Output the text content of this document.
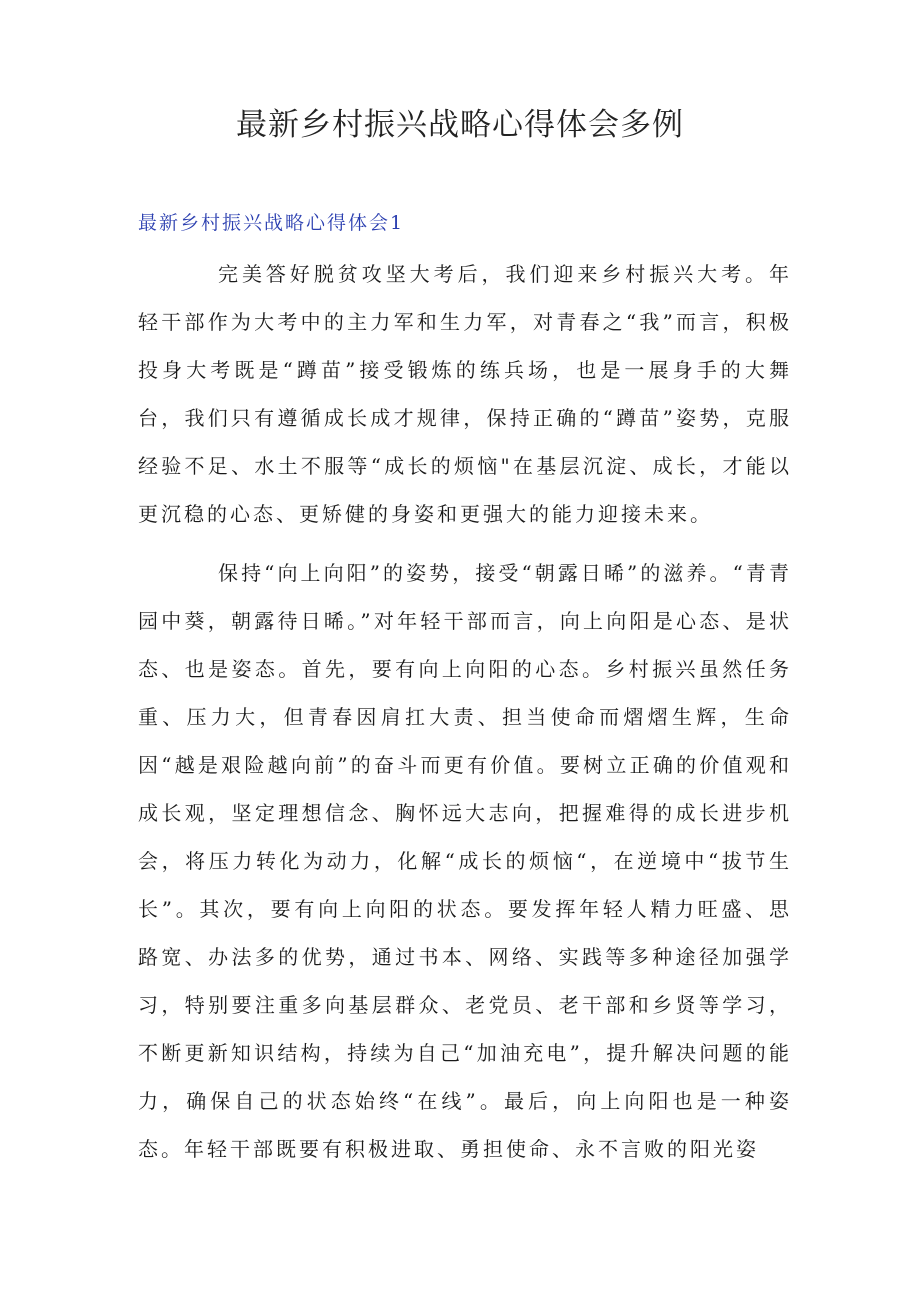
最新乡村振兴战略心得体会多例
最新乡村振兴战略心得体会1

完美答好脱贫攻坚大考后，我们迎来乡村振兴大考。年轻干部作为大考中的主力军和生力军，对青春之“我”而言，积极投身大考既是“蹲苗”接受锻炼的练兵场，也是一展身手的大舞台，我们只有遵循成长成才规律，保持正确的“蹲苗”姿势，克服经验不足、水土不服等“成长的烦恼"在基层沉淀、成长，才能以更沉稳的心态、更矫健的身姿和更强大的能力迎接未来。

保持“向上向阳”的姿势，接受“朝露日晞”的滋养。“青青园中葵，朝露待日晞。”对年轻干部而言，向上向阳是心态、是状态、也是姿态。首先，要有向上向阳的心态。乡村振兴虽然任务重、压力大，但青春因肩扛大责、担当使命而熠熠生辉，生命因“越是艰险越向前”的奋斗而更有价值。要树立正确的价值观和成长观，坚定理想信念、胸怀远大志向，把握难得的成长进步机会，将压力转化为动力，化解“成长的烦恼“，在逆境中“拔节生长”。其次，要有向上向阳的状态。要发挥年轻人精力旺盛、思路宽、办法多的优势，通过书本、网络、实践等多种途径加强学习，特别要注重多向基层群众、老党员、老干部和乡贤等学习，不断更新知识结构，持续为自己“加油充电”，提升解决问题的能力，确保自己的状态始终“在线”。最后，向上向阳也是一种姿态。年轻干部既要有积极进取、勇担使命、永不言败的阳光姿
